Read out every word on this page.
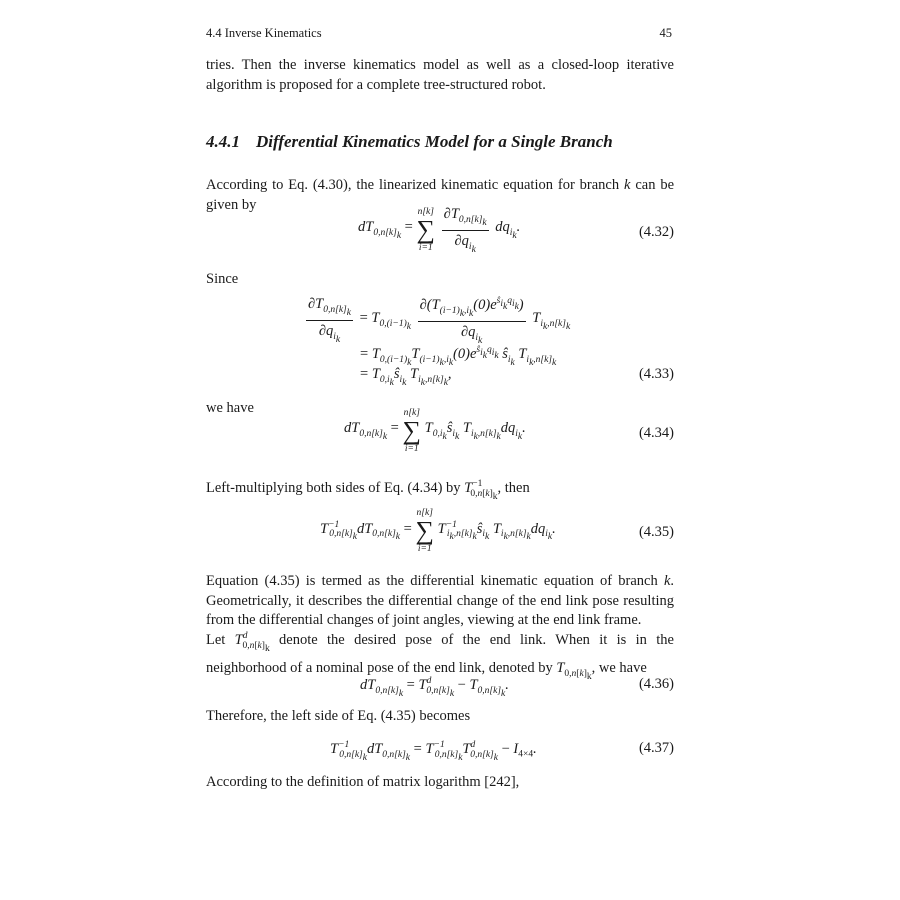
4.4 Inverse Kinematics	45
tries. Then the inverse kinematics model as well as a closed-loop iterative algorithm is proposed for a complete tree-structured robot.
4.4.1 Differential Kinematics Model for a Single Branch
According to Eq. (4.30), the linearized kinematic equation for branch k can be given by
$dT_{0,n[k]_k}$ =
n[k]
∑
i=1
$\frac{\partial T_{0,n[k]_k}}{\partial q_{i_k}} dq_{i_k}$.	(4.32)
Since
$\frac{\partial T_{0,n[k]_k}}{\partial q_{i_k}} = T_{0,(i-1)_k} \frac{\partial(T_{(i-1)_k,i_k}(0)e^{ŝ_{i_k}q_{i_k}})}{\partial q_{i_k}} T_{i_k,n[k]_k}$
= $T_{0,(i-1)_k}T_{(i-1)_k,i_k}(0)e^{ŝ_{i_k}q_{i_k}}$ $ŝ_{i_k}$ $T_{i_k,n[k]_k}$
= $T_{0,i_k}ŝ_{i_k}$ $T_{i_k,n[k]_k}$,	(4.33)
we have
$dT_{0,n[k]_k}$ =
n[k]
∑
i=1
$T_{0,i_k}ŝ_{i_k}$ $T_{i_k,n[k]_k}dq_{i_k}$.	(4.34)
Left-multiplying both sides of Eq. (4.34) by $T^{-1}_{0,n[k]_k}$, then
$T^{-1}_{0,n[k]_k}dT_{0,n[k]_k}$ =
n[k]
∑
i=1
$T^{-1}_{i_k,n[k]_k}ŝ_{i_k}$ $T_{i_k,n[k]_k}dq_{i_k}$.	(4.35)
Equation (4.35) is termed as the differential kinematic equation of branch k. Geometrically, it describes the differential change of the end link pose resulting from the differential changes of joint angles, viewing at the end link frame.
Let $T^d_{0,n[k]_k}$ denote the desired pose of the end link. When it is in the neighborhood of a nominal pose of the end link, denoted by $T_{0,n[k]_k}$, we have
$dT_{0,n[k]_k} = T^d_{0,n[k]_k} - T_{0,n[k]_k}$.	(4.36)
Therefore, the left side of Eq. (4.35) becomes
$T^{-1}_{0,n[k]_k}dT_{0,n[k]_k} = T^{-1}_{0,n[k]_k}T^d_{0,n[k]_k} - I_{4\times 4}$.	(4.37)
According to the definition of matrix logarithm [242],
